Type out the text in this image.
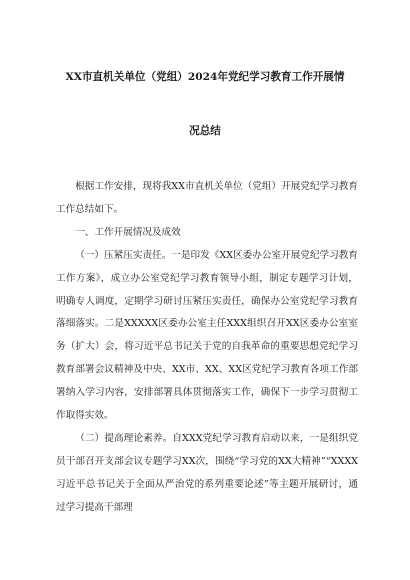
XX市直机关单位（党组）2024年党纪学习教育工作开展情
况总结

根据工作安排，现将我XX市直机关单位（党组）开展党纪学习教育工作总结如下。

一、工作开展情况及成效

（一）压紧压实责任。一是印发《XX区委办公室开展党纪学习教育工作方案》，成立办公室党纪学习教育领导小组，制定专题学习计划，明确专人调度，定期学习研讨压紧压实责任，确保办公室党纪学习教育落细落实。二是XXXXX区委办公室主任XXX组织召开XX区委办公室室务（扩大）会，将习近平总书记关于党的自我革命的重要思想党纪学习教育部署会议精神及中央、XX市、XX、XX区党纪学习教育各项工作部署纳入学习内容，安排部署具体贯彻落实工作，确保下一步学习贯彻工作取得实效。

（二）提高理论素养。自XXX党纪学习教育启动以来，一是组织党员干部召开支部会议专题学习XX次，围绕“学习党的XX大精神”“XXXX习近平总书记关于全面从严治党的系列重要论述”等主题开展研讨，通过学习提高干部理
